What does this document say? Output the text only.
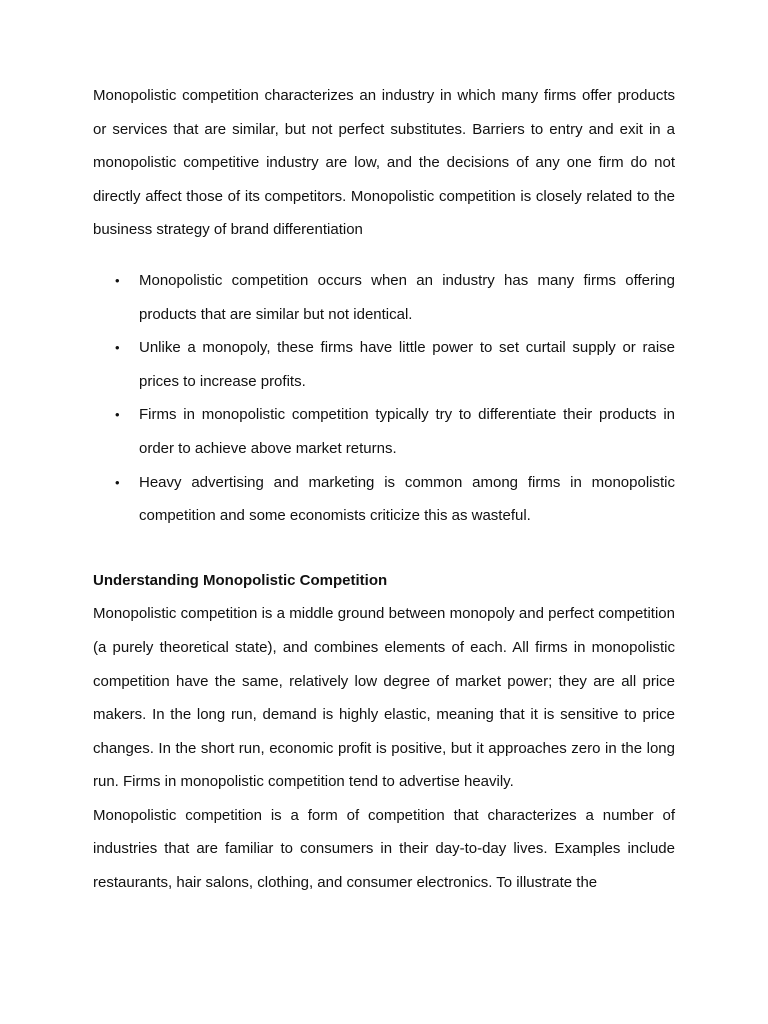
Monopolistic competition characterizes an industry in which many firms offer products or services that are similar, but not perfect substitutes. Barriers to entry and exit in a monopolistic competitive industry are low, and the decisions of any one firm do not directly affect those of its competitors. Monopolistic competition is closely related to the business strategy of brand differentiation

•	Monopolistic competition occurs when an industry has many firms offering products that are similar but not identical.
•	Unlike a monopoly, these firms have little power to set curtail supply or raise prices to increase profits.
•	Firms in monopolistic competition typically try to differentiate their products in order to achieve above market returns.
•	Heavy advertising and marketing is common among firms in monopolistic competition and some economists criticize this as wasteful.
Understanding Monopolistic Competition

Monopolistic competition is a middle ground between monopoly and perfect competition (a purely theoretical state), and combines elements of each. All firms in monopolistic competition have the same, relatively low degree of market power; they are all price makers. In the long run, demand is highly elastic, meaning that it is sensitive to price changes. In the short run, economic profit is positive, but it approaches zero in the long run. Firms in monopolistic competition tend to advertise heavily.

Monopolistic competition is a form of competition that characterizes a number of industries that are familiar to consumers in their day-to-day lives. Examples include restaurants, hair salons, clothing, and consumer electronics. To illustrate the
